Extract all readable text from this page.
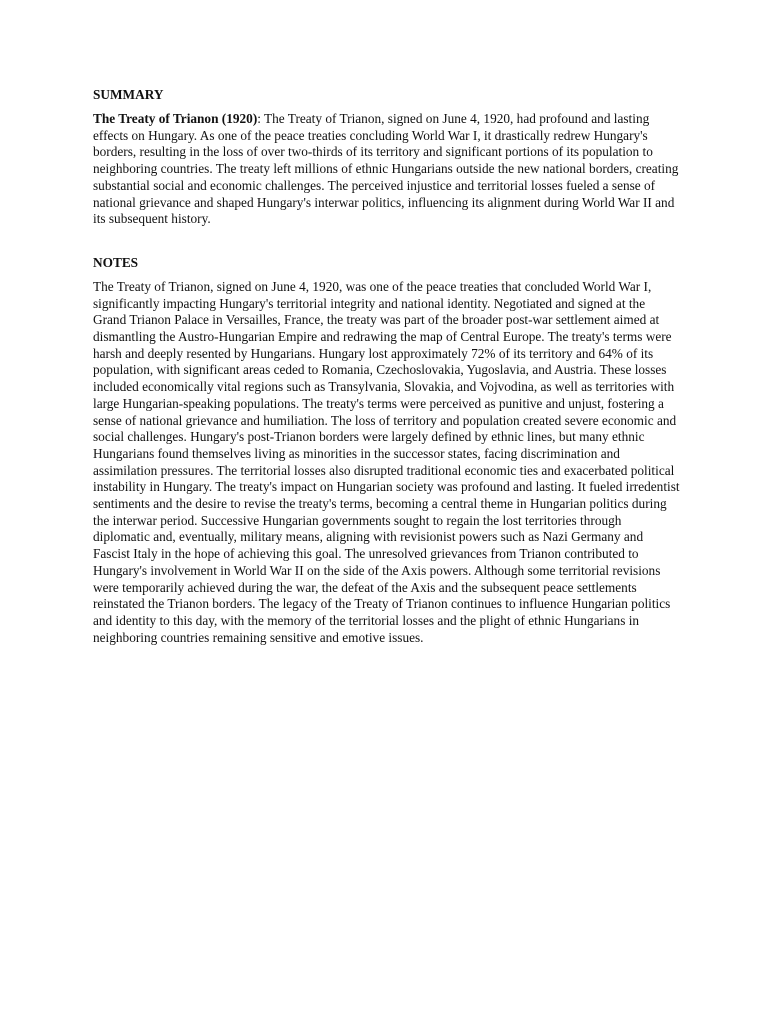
SUMMARY

The Treaty of Trianon (1920): The Treaty of Trianon, signed on June 4, 1920, had profound and lasting effects on Hungary. As one of the peace treaties concluding World War I, it drastically redrew Hungary's borders, resulting in the loss of over two-thirds of its territory and significant portions of its population to neighboring countries. The treaty left millions of ethnic Hungarians outside the new national borders, creating substantial social and economic challenges. The perceived injustice and territorial losses fueled a sense of national grievance and shaped Hungary's interwar politics, influencing its alignment during World War II and its subsequent history.

NOTES

The Treaty of Trianon, signed on June 4, 1920, was one of the peace treaties that concluded World War I, significantly impacting Hungary's territorial integrity and national identity. Negotiated and signed at the Grand Trianon Palace in Versailles, France, the treaty was part of the broader post-war settlement aimed at dismantling the Austro-Hungarian Empire and redrawing the map of Central Europe. The treaty's terms were harsh and deeply resented by Hungarians. Hungary lost approximately 72% of its territory and 64% of its population, with significant areas ceded to Romania, Czechoslovakia, Yugoslavia, and Austria. These losses included economically vital regions such as Transylvania, Slovakia, and Vojvodina, as well as territories with large Hungarian-speaking populations. The treaty's terms were perceived as punitive and unjust, fostering a sense of national grievance and humiliation. The loss of territory and population created severe economic and social challenges. Hungary's post-Trianon borders were largely defined by ethnic lines, but many ethnic Hungarians found themselves living as minorities in the successor states, facing discrimination and assimilation pressures. The territorial losses also disrupted traditional economic ties and exacerbated political instability in Hungary. The treaty's impact on Hungarian society was profound and lasting. It fueled irredentist sentiments and the desire to revise the treaty's terms, becoming a central theme in Hungarian politics during the interwar period. Successive Hungarian governments sought to regain the lost territories through diplomatic and, eventually, military means, aligning with revisionist powers such as Nazi Germany and Fascist Italy in the hope of achieving this goal. The unresolved grievances from Trianon contributed to Hungary's involvement in World War II on the side of the Axis powers. Although some territorial revisions were temporarily achieved during the war, the defeat of the Axis and the subsequent peace settlements reinstated the Trianon borders. The legacy of the Treaty of Trianon continues to influence Hungarian politics and identity to this day, with the memory of the territorial losses and the plight of ethnic Hungarians in neighboring countries remaining sensitive and emotive issues.
